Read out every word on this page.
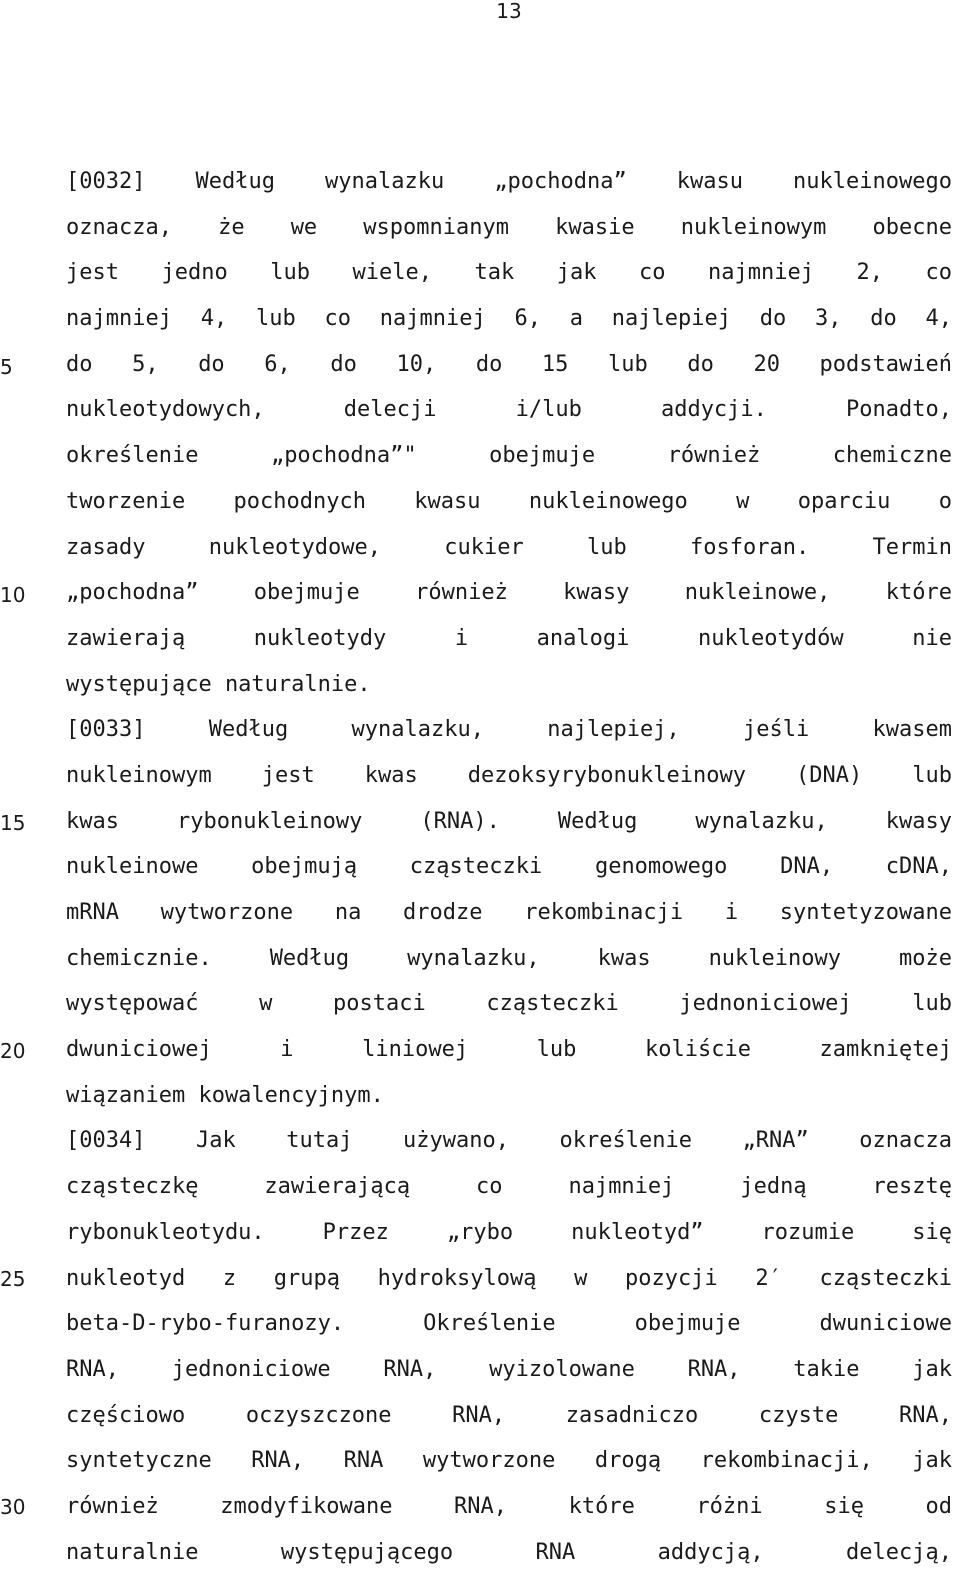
13
5
10
15
20
25
30
[0032] Według wynalazku „pochodna” kwasu nukleinowego
oznacza, że we wspomnianym kwasie nukleinowym obecne
jest jedno lub wiele, tak jak co najmniej 2, co
najmniej 4, lub co najmniej 6, a najlepiej do 3, do 4,
do 5, do 6, do 10, do 15 lub do 20 podstawień
nukleotydowych, delecji i/lub addycji. Ponadto,
określenie „pochodna”" obejmuje również chemiczne
tworzenie pochodnych kwasu nukleinowego w oparciu o
zasady nukleotydowe, cukier lub fosforan. Termin
„pochodna” obejmuje również kwasy nukleinowe, które
zawierają nukleotydy i analogi nukleotydów nie
występujące naturalnie.
[0033] Według wynalazku, najlepiej, jeśli kwasem
nukleinowym jest kwas dezoksyrybonukleinowy (DNA) lub
kwas rybonukleinowy (RNA). Według wynalazku, kwasy
nukleinowe obejmują cząsteczki genomowego DNA, cDNA,
mRNA wytworzone na drodze rekombinacji i syntetyzowane
chemicznie. Według wynalazku, kwas nukleinowy może
występować w postaci cząsteczki jednoniciowej lub
dwuniciowej i liniowej lub koliście zamkniętej
wiązaniem kowalencyjnym.
[0034] Jak tutaj używano, określenie „RNA” oznacza
cząsteczkę zawierającą co najmniej jedną resztę
rybonukleotydu. Przez „rybo nukleotyd” rozumie się
nukleotyd z grupą hydroksylową w pozycji 2′ cząsteczki
beta-D-rybo-furanozy. Określenie obejmuje dwuniciowe
RNA, jednoniciowe RNA, wyizolowane RNA, takie jak
częściowo oczyszczone RNA, zasadniczo czyste RNA,
syntetyczne RNA, RNA wytworzone drogą rekombinacji, jak
również zmodyfikowane RNA, które różni się od
naturalnie występującego RNA addycją, delecją,
